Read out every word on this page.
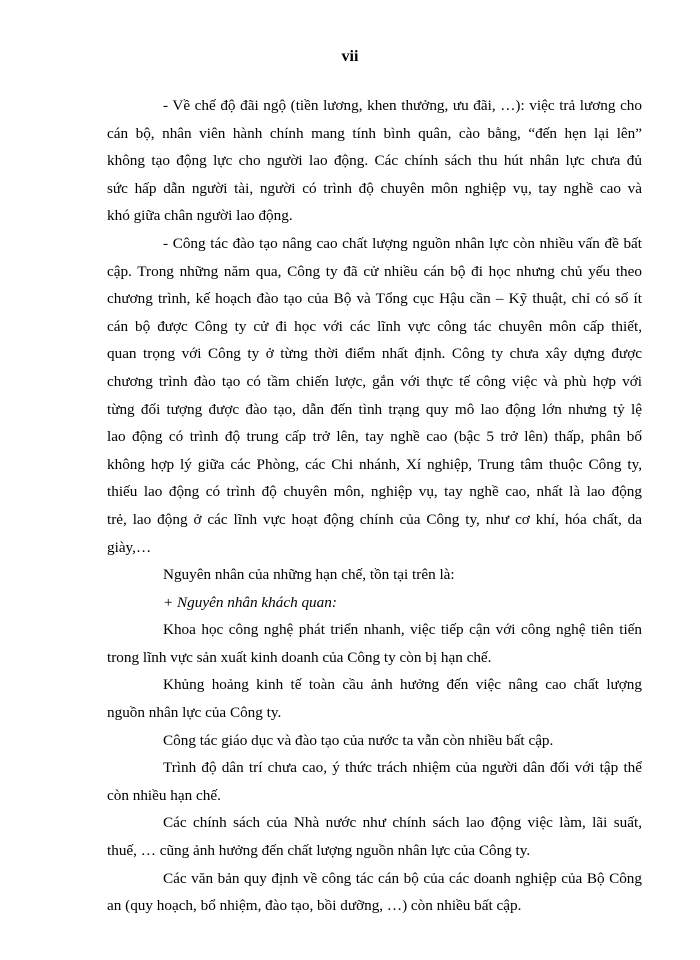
vii

- Về chế độ đãi ngộ (tiền lương, khen thưởng, ưu đãi, …): việc trả lương cho
cán bộ, nhân viên hành chính mang tính bình quân, cào bằng, “đến hẹn lại lên”
không tạo động lực cho người lao động. Các chính sách thu hút nhân lực chưa đủ
sức hấp dẫn người tài, người có trình độ chuyên môn nghiệp vụ, tay nghề cao và
khó giữa chân người lao động.

- Công tác đào tạo nâng cao chất lượng nguồn nhân lực còn nhiều vấn đề bất
cập. Trong những năm qua, Công ty đã cử nhiều cán bộ đi học nhưng chủ yếu theo
chương trình, kế hoạch đào tạo của Bộ và Tổng cục Hậu cần – Kỹ thuật, chỉ có số ít
cán bộ được Công ty cử đi học với các lĩnh vực công tác chuyên môn cấp thiết,
quan trọng với Công ty ở từng thời điểm nhất định. Công ty chưa xây dựng được
chương trình đào tạo có tầm chiến lược, gắn với thực tế công việc và phù hợp với
từng đối tượng được đào tạo, dẫn đến tình trạng quy mô lao động lớn nhưng tỷ lệ
lao động có trình độ trung cấp trở lên, tay nghề cao (bậc 5 trở lên) thấp, phân bố
không hợp lý giữa các Phòng, các Chi nhánh, Xí nghiệp, Trung tâm thuộc Công ty,
thiếu lao động có trình độ chuyên môn, nghiệp vụ, tay nghề cao, nhất là lao động
trẻ, lao động ở các lĩnh vực hoạt động chính của Công ty, như cơ khí, hóa chất, da
giày,…

Nguyên nhân của những hạn chế, tồn tại trên là:

+ Nguyên nhân khách quan:

Khoa học công nghệ phát triển nhanh, việc tiếp cận với công nghệ tiên tiến
trong lĩnh vực sản xuất kinh doanh của Công ty còn bị hạn chế.

Khủng hoảng kinh tế toàn cầu ảnh hưởng đến việc nâng cao chất lượng
nguồn nhân lực của Công ty.

Công tác giáo dục và đào tạo của nước ta vẫn còn nhiều bất cập.

Trình độ dân trí chưa cao, ý thức trách nhiệm của người dân đối với tập thể
còn nhiều hạn chế.

Các chính sách của Nhà nước như chính sách lao động việc làm, lãi suất,
thuế, … cũng ảnh hưởng đến chất lượng nguồn nhân lực của Công ty.

Các văn bản quy định về công tác cán bộ của các doanh nghiệp của Bộ Công
an (quy hoạch, bổ nhiệm, đào tạo, bồi dưỡng, …) còn nhiều bất cập.
